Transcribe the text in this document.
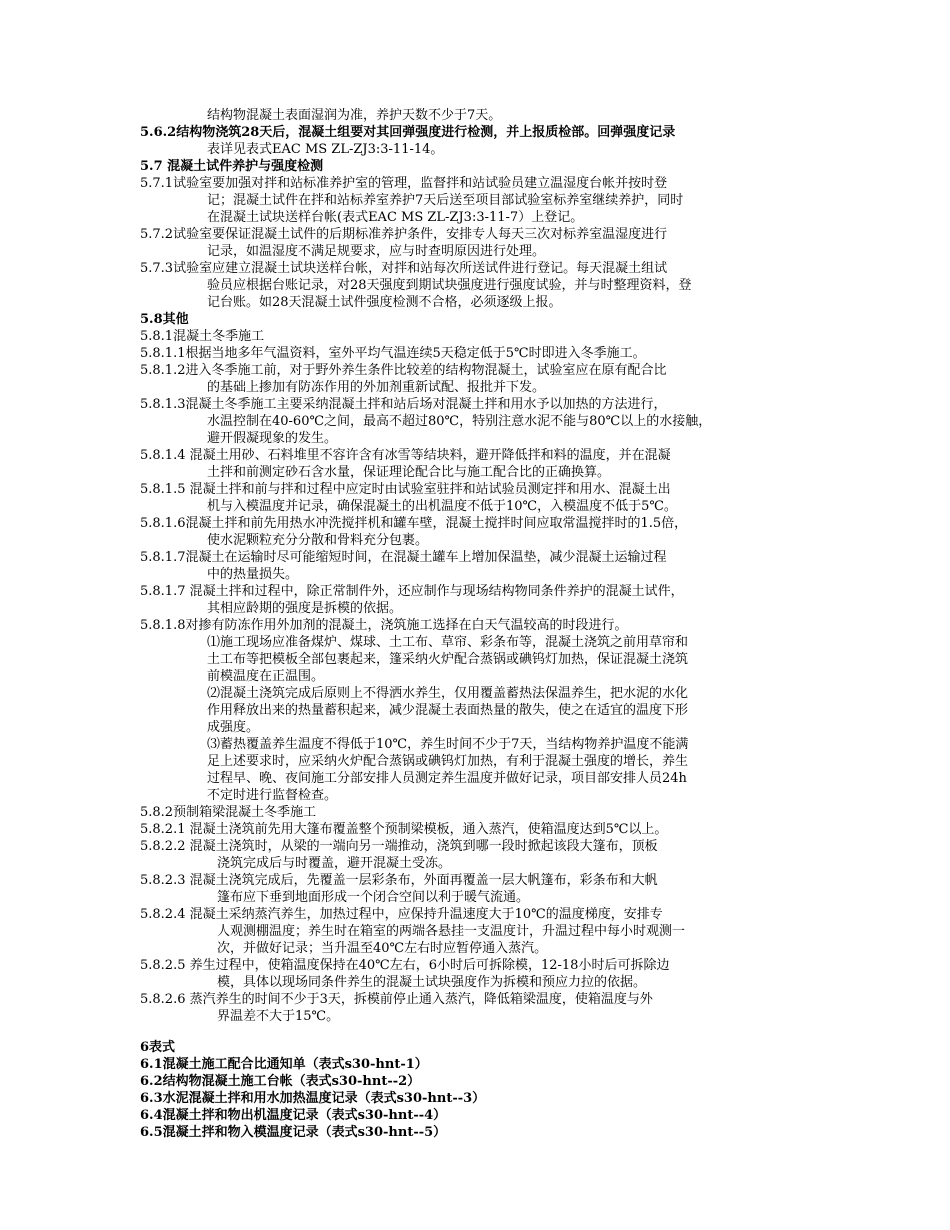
结构物混凝土表面湿润为准，养护天数不少于7天。
5.6.2结构物浇筑28天后，混凝土组要对其回弹强度进行检测，并上报质检部。回弹强度记录
表详见表式EAC MS ZL-ZJ3:3-11-14。
5.7 混凝土试件养护与强度检测
5.7.1试验室要加强对拌和站标准养护室的管理，监督拌和站试验员建立温湿度台帐并按时登
记；混凝土试件在拌和站标养室养护7天后送至项目部试验室标养室继续养护，同时
在混凝土试块送样台帐(表式EAC MS ZL-ZJ3:3-11-7）上登记。
5.7.2试验室要保证混凝土试件的后期标准养护条件，安排专人每天三次对标养室温湿度进行
记录，如温湿度不满足规要求，应与时查明原因进行处理。
5.7.3试验室应建立混凝土试块送样台帐，对拌和站每次所送试件进行登记。每天混凝土组试
验员应根据台账记录，对28天强度到期试块强度进行强度试验，并与时整理资料，登
记台账。如28天混凝土试件强度检测不合格，必须逐级上报。
5.8其他
5.8.1混凝土冬季施工
5.8.1.1根据当地多年气温资料，室外平均气温连续5天稳定低于5℃时即进入冬季施工。
5.8.1.2进入冬季施工前，对于野外养生条件比较差的结构物混凝土，试验室应在原有配合比
的基础上掺加有防冻作用的外加剂重新试配、报批并下发。
5.8.1.3混凝土冬季施工主要采纳混凝土拌和站后场对混凝土拌和用水予以加热的方法进行，
水温控制在40-60℃之间，最高不超过80℃，特别注意水泥不能与80℃以上的水接触，
避开假凝现象的发生。
5.8.1.4 混凝土用砂、石料堆里不容许含有冰雪等结块料，避开降低拌和料的温度，并在混凝
土拌和前测定砂石含水量，保证理论配合比与施工配合比的正确换算。
5.8.1.5 混凝土拌和前与拌和过程中应定时由试验室驻拌和站试验员测定拌和用水、混凝土出
机与入模温度并记录，确保混凝土的出机温度不低于10℃，入模温度不低于5℃。
5.8.1.6混凝土拌和前先用热水冲洗搅拌机和罐车壁，混凝土搅拌时间应取常温搅拌时的1.5倍，
使水泥颗粒充分分散和骨料充分包裹。
5.8.1.7混凝土在运输时尽可能缩短时间，在混凝土罐车上增加保温垫，减少混凝土运输过程
中的热量损失。
5.8.1.7 混凝土拌和过程中，除正常制件外，还应制作与现场结构物同条件养护的混凝土试件，
其相应龄期的强度是拆模的依据。
5.8.1.8对掺有防冻作用外加剂的混凝土，浇筑施工选择在白天气温较高的时段进行。
⑴施工现场应准备煤炉、煤球、土工布、草帘、彩条布等，混凝土浇筑之前用草帘和
土工布等把模板全部包裹起来，篷采纳火炉配合蒸锅或碘钨灯加热，保证混凝土浇筑
前模温度在正温围。
⑵混凝土浇筑完成后原则上不得洒水养生，仅用覆盖蓄热法保温养生，把水泥的水化
作用释放出来的热量蓄积起来，减少混凝土表面热量的散失，使之在适宜的温度下形
成强度。
⑶蓄热覆盖养生温度不得低于10℃，养生时间不少于7天，当结构物养护温度不能满
足上述要求时，应采纳火炉配合蒸锅或碘钨灯加热，有利于混凝土强度的增长，养生
过程早、晚、夜间施工分部安排人员测定养生温度并做好记录，项目部安排人员24h
不定时进行监督检查。
5.8.2预制箱梁混凝土冬季施工
5.8.2.1 混凝土浇筑前先用大篷布覆盖整个预制梁模板，通入蒸汽，使箱温度达到5℃以上。
5.8.2.2 混凝土浇筑时，从梁的一端向另一端推动，浇筑到哪一段时掀起该段大篷布，顶板
浇筑完成后与时覆盖，避开混凝土受冻。
5.8.2.3 混凝土浇筑完成后，先覆盖一层彩条布，外面再覆盖一层大帆篷布，彩条布和大帆
篷布应下垂到地面形成一个闭合空间以利于暖气流通。
5.8.2.4 混凝土采纳蒸汽养生，加热过程中，应保持升温速度大于10℃的温度梯度，安排专
人观测棚温度；养生时在箱室的两端各悬挂一支温度计，升温过程中每小时观测一
次，并做好记录；当升温至40℃左右时应暂停通入蒸汽。
5.8.2.5 养生过程中，使箱温度保持在40℃左右，6小时后可拆除模，12-18小时后可拆除边
模，具体以现场同条件养生的混凝土试块强度作为拆模和预应力拉的依据。
5.8.2.6 蒸汽养生的时间不少于3天，拆模前停止通入蒸汽，降低箱梁温度，使箱温度与外
界温差不大于15℃。
6表式
6.1混凝土施工配合比通知单（表式s30-hnt-1）
6.2结构物混凝土施工台帐（表式s30-hnt--2）
6.3水泥混凝土拌和用水加热温度记录（表式s30-hnt--3）
6.4混凝土拌和物出机温度记录（表式s30-hnt--4）
6.5混凝土拌和物入模温度记录（表式s30-hnt--5）
